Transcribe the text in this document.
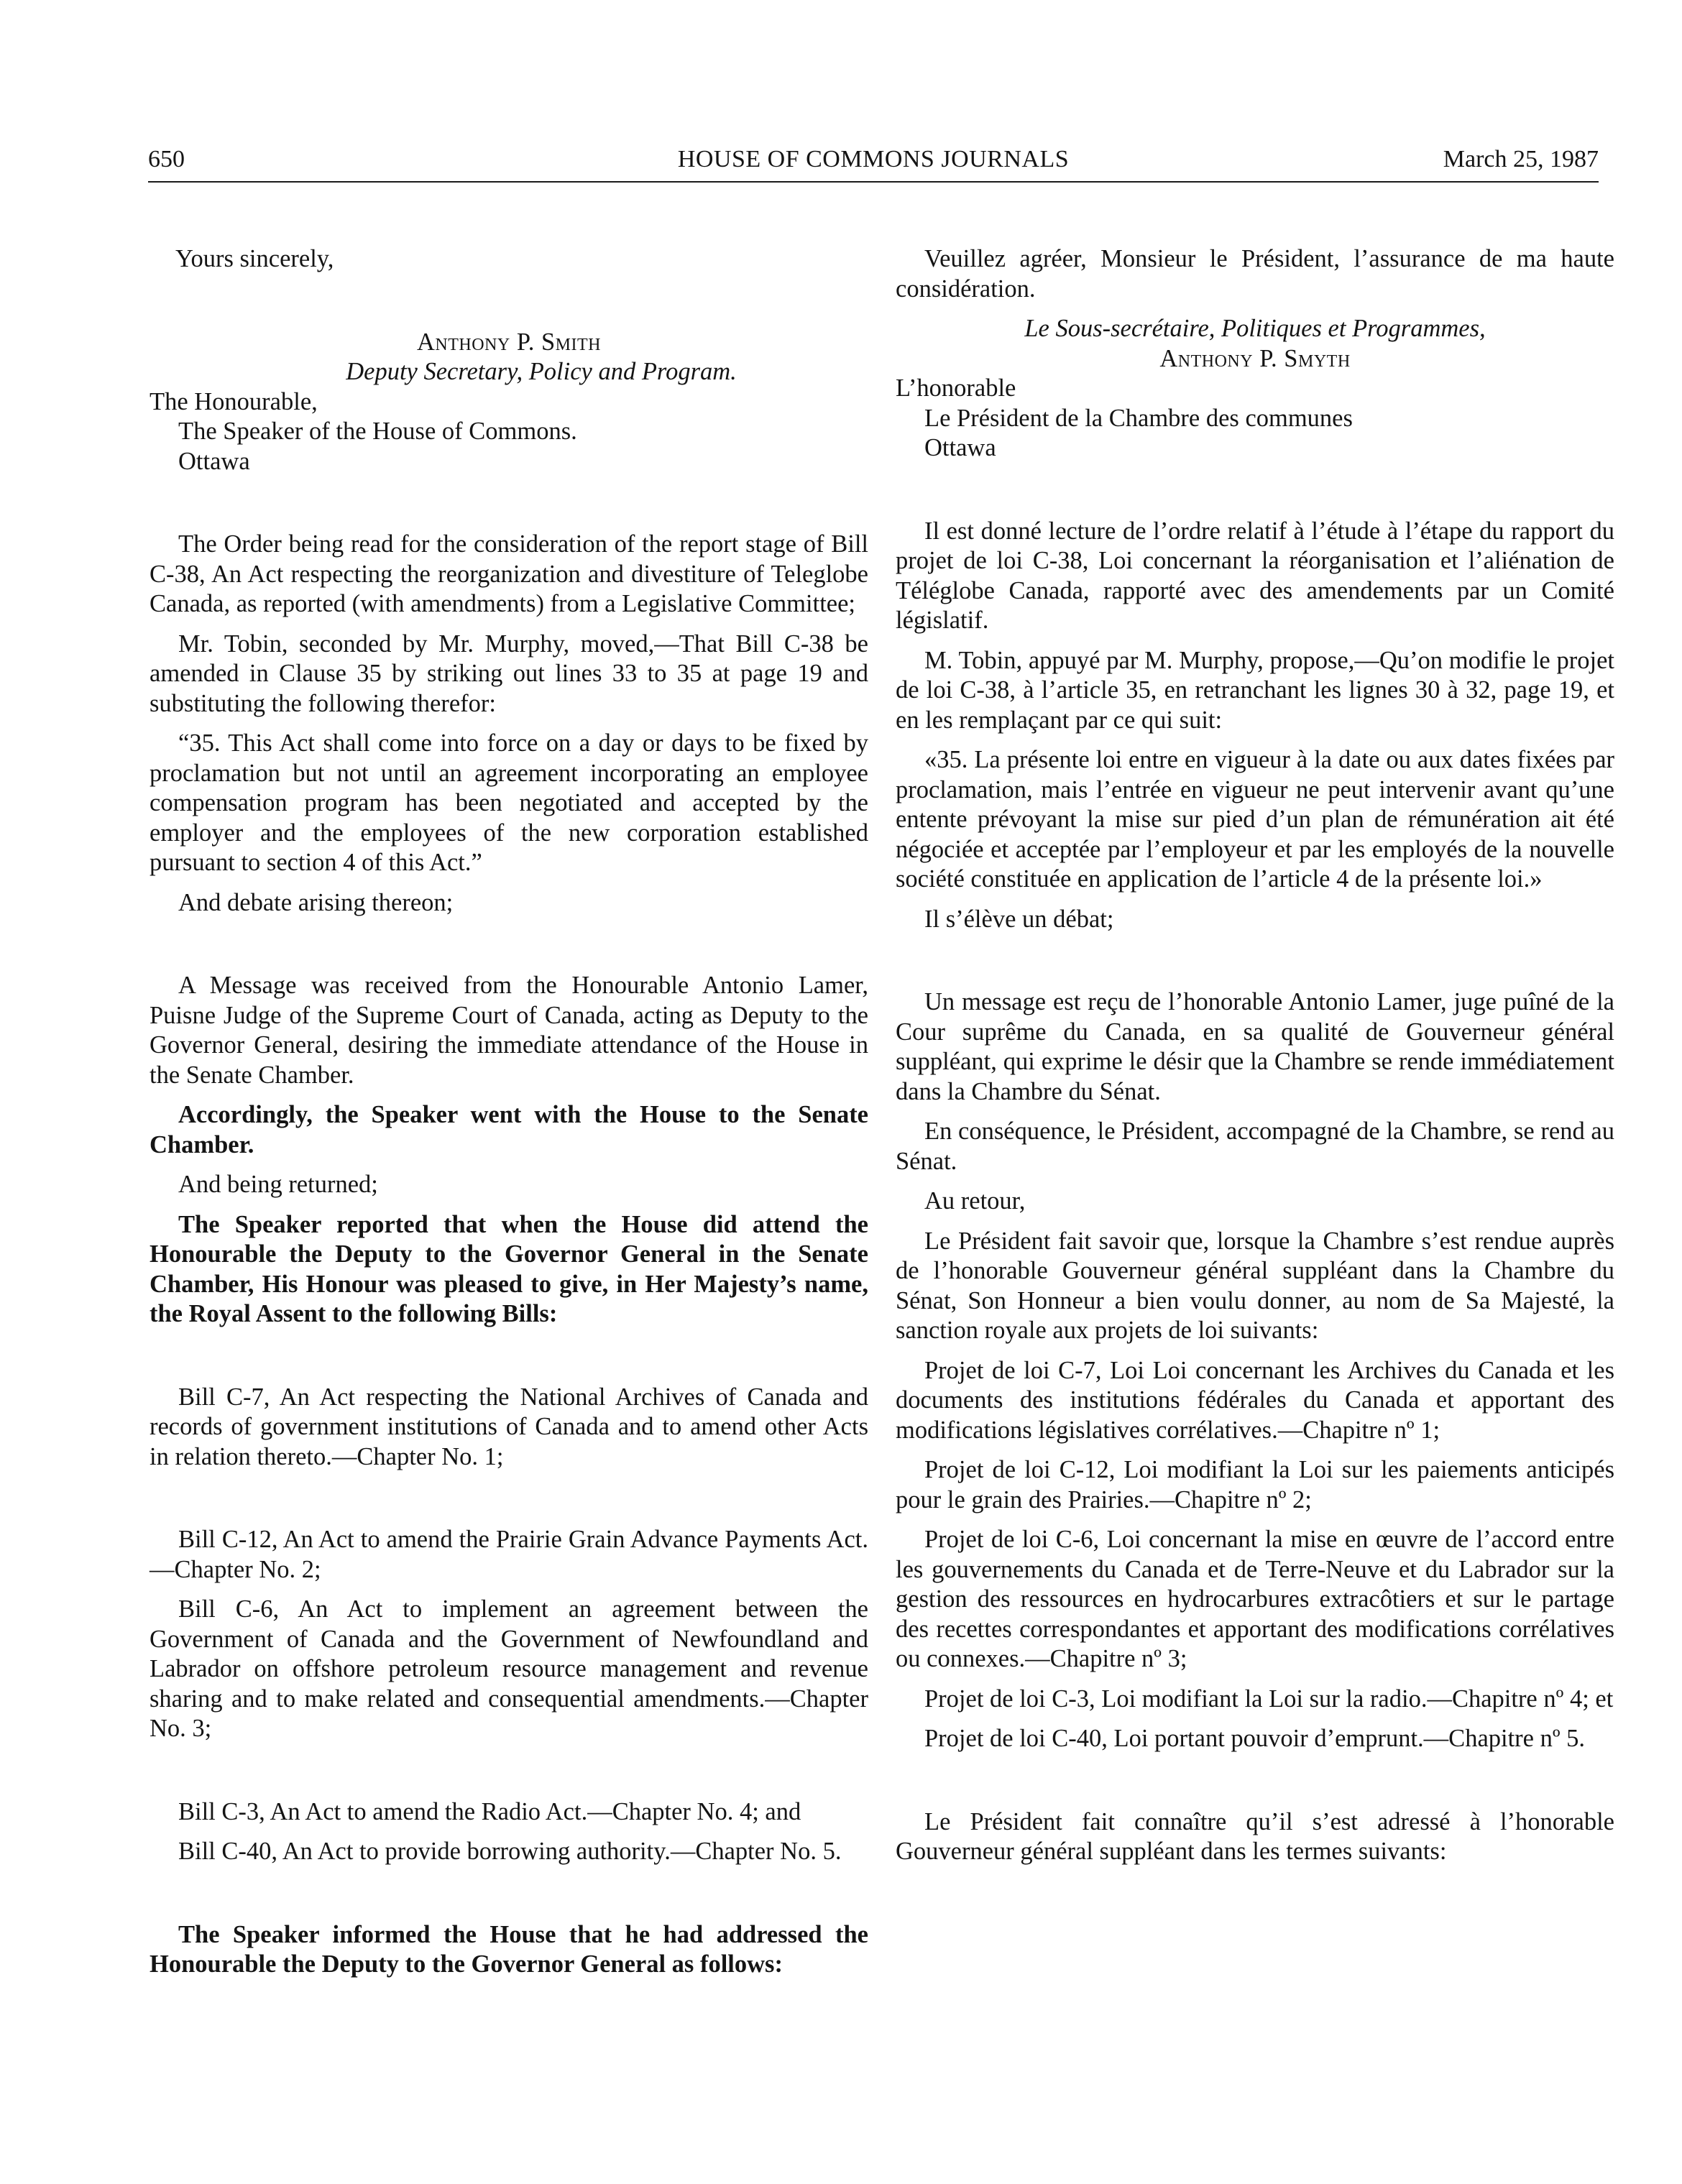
650	HOUSE OF COMMONS JOURNALS	March 25, 1987

Yours sincerely,

Anthony P. Smith

Deputy Secretary, Policy and Program.

The Honourable,

The Speaker of the House of Commons.

Ottawa

The Order being read for the consideration of the report stage of Bill C-38, An Act respecting the reorganization and divestiture of Teleglobe Canada, as reported (with amendments) from a Legislative Committee;

Mr. Tobin, seconded by Mr. Murphy, moved,—That Bill C-38 be amended in Clause 35 by striking out lines 33 to 35 at page 19 and substituting the following therefor:

“35. This Act shall come into force on a day or days to be fixed by proclamation but not until an agreement incorporating an employee compensation program has been negotiated and accepted by the employer and the employees of the new corporation established pursuant to section 4 of this Act.”

And debate arising thereon;

A Message was received from the Honourable Antonio Lamer, Puisne Judge of the Supreme Court of Canada, acting as Deputy to the Governor General, desiring the immediate attendance of the House in the Senate Chamber.

Accordingly, the Speaker went with the House to the Senate Chamber.

And being returned;

The Speaker reported that when the House did attend the Honourable the Deputy to the Governor General in the Senate Chamber, His Honour was pleased to give, in Her Majesty’s name, the Royal Assent to the following Bills:

Bill C-7, An Act respecting the National Archives of Canada and records of government institutions of Canada and to amend other Acts in relation thereto.—Chapter No. 1;

Bill C-12, An Act to amend the Prairie Grain Advance Payments Act.—Chapter No. 2;

Bill C-6, An Act to implement an agreement between the Government of Canada and the Government of Newfoundland and Labrador on offshore petroleum resource management and revenue sharing and to make related and consequential amendments.—Chapter No. 3;

Bill C-3, An Act to amend the Radio Act.—Chapter No. 4; and

Bill C-40, An Act to provide borrowing authority.—Chapter No. 5.

The Speaker informed the House that he had addressed the Honourable the Deputy to the Governor General as follows:

Veuillez agréer, Monsieur le Président, l’assurance de ma haute considération.

Le Sous-secrétaire, Politiques et Programmes,

Anthony P. Smyth

L’honorable

Le Président de la Chambre des communes

Ottawa

Il est donné lecture de l’ordre relatif à l’étude à l’étape du rapport du projet de loi C-38, Loi concernant la réorganisation et l’aliénation de Téléglobe Canada, rapporté avec des amendements par un Comité législatif.

M. Tobin, appuyé par M. Murphy, propose,—Qu’on modifie le projet de loi C-38, à l’article 35, en retranchant les lignes 30 à 32, page 19, et en les remplaçant par ce qui suit:

«35. La présente loi entre en vigueur à la date ou aux dates fixées par proclamation, mais l’entrée en vigueur ne peut intervenir avant qu’une entente prévoyant la mise sur pied d’un plan de rémunération ait été négociée et acceptée par l’employeur et par les employés de la nouvelle société constituée en application de l’article 4 de la présente loi.»

Il s’élève un débat;

Un message est reçu de l’honorable Antonio Lamer, juge puîné de la Cour suprême du Canada, en sa qualité de Gouverneur général suppléant, qui exprime le désir que la Chambre se rende immédiatement dans la Chambre du Sénat.

En conséquence, le Président, accompagné de la Chambre, se rend au Sénat.

Au retour,

Le Président fait savoir que, lorsque la Chambre s’est rendue auprès de l’honorable Gouverneur général suppléant dans la Chambre du Sénat, Son Honneur a bien voulu donner, au nom de Sa Majesté, la sanction royale aux projets de loi suivants:

Projet de loi C-7, Loi Loi concernant les Archives du Canada et les documents des institutions fédérales du Canada et apportant des modifications législatives corrélatives.—Chapitre nº 1;

Projet de loi C-12, Loi modifiant la Loi sur les paiements anticipés pour le grain des Prairies.—Chapitre nº 2;

Projet de loi C-6, Loi concernant la mise en œuvre de l’accord entre les gouvernements du Canada et de Terre-Neuve et du Labrador sur la gestion des ressources en hydrocarbures extracôtiers et sur le partage des recettes correspondantes et apportant des modifications corrélatives ou connexes.—Chapitre nº 3;

Projet de loi C-3, Loi modifiant la Loi sur la radio.—Chapitre nº 4; et

Projet de loi C-40, Loi portant pouvoir d’emprunt.—Chapitre nº 5.

Le Président fait connaître qu’il s’est adressé à l’honorable Gouverneur général suppléant dans les termes suivants:
